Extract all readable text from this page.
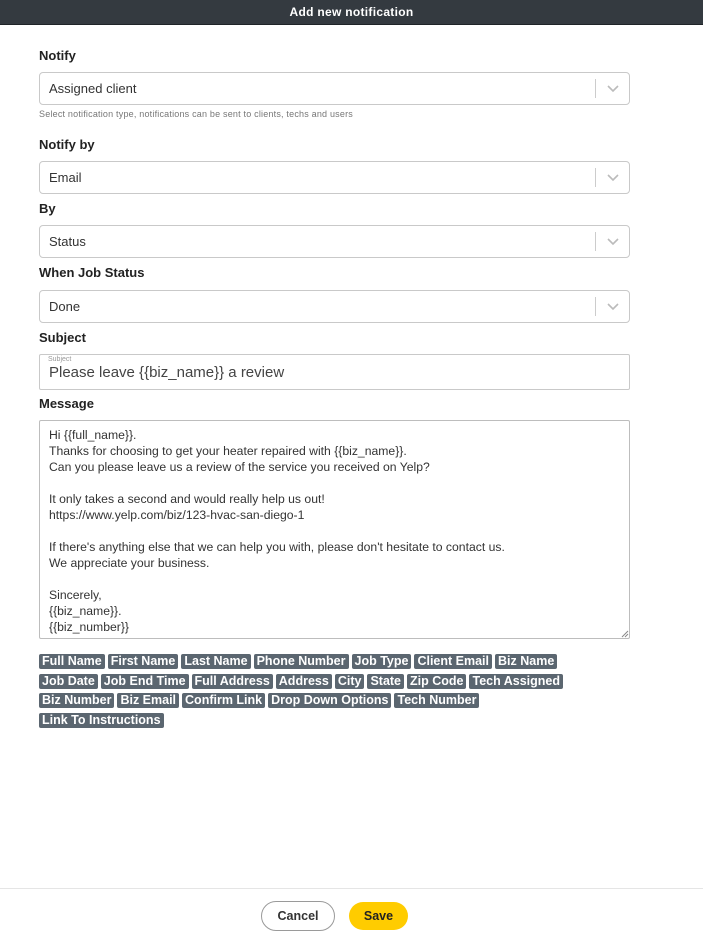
Add new notification
Notify
Assigned client
Select notification type, notifications can be sent to clients, techs and users
Notify by
Email
By
Status
When Job Status
Done
Subject
Subject
Please leave {{biz_name}} a review
Message
Hi {{full_name}}.
Thanks for choosing to get your heater repaired with {{biz_name}}.
Can you please leave us a review of the service you received on Yelp?

It only takes a second and would really help us out!
https://www.yelp.com/biz/123-hvac-san-diego-1

If there's anything else that we can help you with, please don't hesitate to contact us.
We appreciate your business.

Sincerely,
{{biz_name}}.
{{biz_number}}
Full Name First Name Last Name Phone Number Job Type Client Email Biz Name
Job Date Job End Time Full Address Address City State Zip Code Tech Assigned
Biz Number Biz Email Confirm Link Drop Down Options Tech Number
Link To Instructions
Cancel	Save
